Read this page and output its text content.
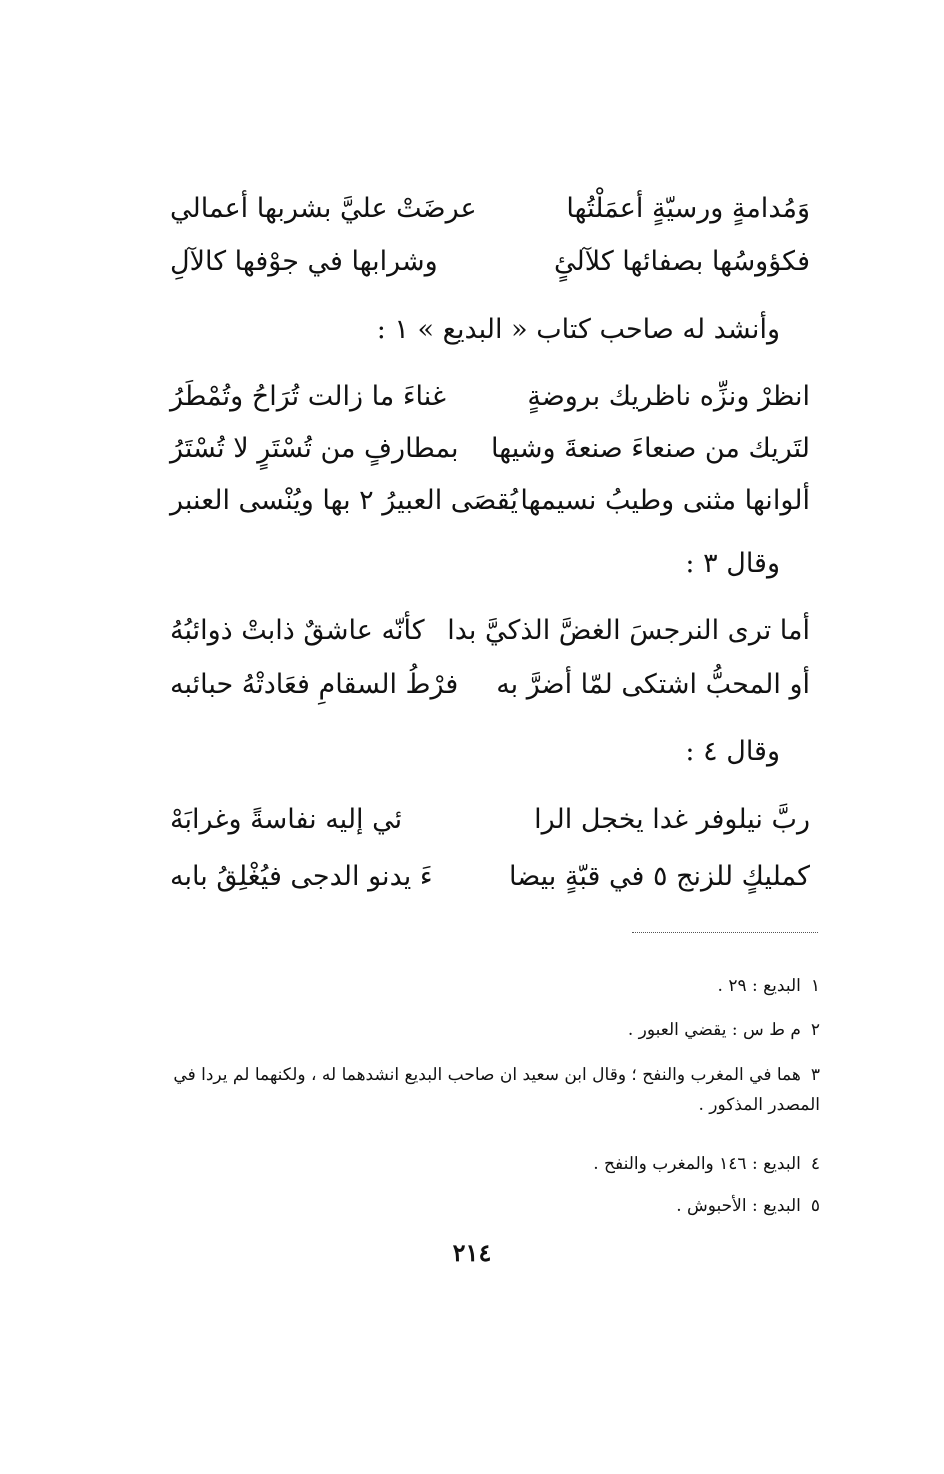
وَمُدامةٍ ورسيّةٍ أعمَلْتُها
عرضَتْ عليَّ بشربها أعمالي
فكؤوسُها بصفائها كلآلئٍ
وشرابها في جوْفها كالآلِ
وأنشد له صاحب كتاب « البديع » ١ :
انظرْ ونزِّه ناظريك بروضةٍ
غناءَ ما زالت تُرَاحُ وتُمْطَرُ
لتَريك من صنعاءَ صنعةَ وشيها
بمطارفٍ من تُسْتَرٍ لا تُسْتَرُ
ألوانها مثنى وطيبُ نسيمها
يُقصَى العبيرُ ٢ بها ويُنْسى العنبر
وقال ٣ :
أما ترى النرجسَ الغضَّ الذكيَّ بدا
كأنّه عاشقٌ ذابتْ ذوائبُهُ
أو المحبُّ اشتكى لمّا أضرَّ به
فرْطُ السقامِ فعَادتْهُ حبائبه
وقال ٤ :
ربَّ نيلوفر غدا يخجل الرا
ئي إليه نفاسةً وغرابَهْ
كمليكٍ للزنج ٥ في قبّةٍ بيضا
ءَ يدنو الدجى فيُغْلِقُ بابه
١البديع : ٢٩ .
٢م ط س : يقضي العبور .
٣هما في المغرب والنفح ؛ وقال ابن سعيد ان صاحب البديع انشدهما له ، ولكنهما لم يردا في المصدر المذكور .
٤البديع : ١٤٦ والمغرب والنفح .
٥البديع : الأحبوش .
٢١٤
